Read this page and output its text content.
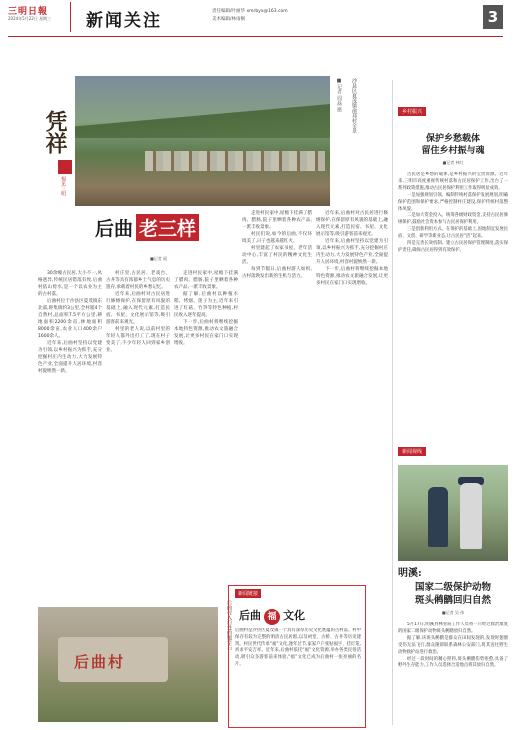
三明日報
2024年5月22日 星期三 新闻关注	责任编辑/叶丽华 xmrbyx@163.com
美术编辑/林雨桐	3
凭祥
福见三明
■记者 周磊 摄 沙县区夏茂镇俞邦村全景
后曲 老三样
■记者 丽

30余幢古民居,大小不一,风格迥异,传统民居错落有致,后曲村依山傍水,是一个以农业为主的古村落。

后曲村位于沙县区夏茂镇东北部,距集镇约3公里,全村辖4个自然村,总面积7.5平方公里,耕地面积2200余亩,林地面积8000余亩,农业人口400余户1600余人。

近年来,后曲村坚持以党建为引领,以乡村振兴为抓手,充分挖掘村庄内生动力,大力发展特色产业,全面提升人居环境,村容村貌焕然一新。

村庄里,古民居、老戏台、古井等具有浓郁乡土气息的历史遗存,承载着村民的乡愁记忆。

近年来,后曲村对古民居进行修缮保护,在保留原有风貌的基础上,融入现代元素,打造民宿、书屋、文化展示馆等,吸引游客前来观光。

村里的老人说,以前村里的年轻人都外出打工了,现在村子变美了,不少年轻人回到家乡创业。

走进村民家中,屋檐下挂满了腊肉、腊肠,院子里晒着各种农产品,一派丰收景象。

据了解,后曲村以种植水稻、烤烟、莲子为主,近年来引进了红菇、竹笋等特色种植,村民收入逐年提高。

下一步,后曲村将继续挖掘本地特色资源,推动农文旅融合发展,让更多村民在家门口实现增收。

走进村民家中,屋檐下挂满了腊肉、腊肠,院子里晒着各种农产品,一派丰收景象。

村民们说,如今的后曲,不仅环境美了,日子也越来越红火。

村里建起了农家书屋、老年活动中心,丰富了村民的精神文化生活。

每到节假日,后曲村游人如织,古村落焕发出新的生机与活力。

近年来,后曲村对古民居进行修缮保护,在保留原有风貌的基础上,融入现代元素,打造民宿、书屋、文化展示馆等,吸引游客前来观光。

近年来,后曲村坚持以党建为引领,以乡村振兴为抓手,充分挖掘村庄内生动力,大力发展特色产业,全面提升人居环境,村容村貌焕然一新。

下一步,后曲村将继续挖掘本地特色资源,推动农文旅融合发展,让更多村民在家门口实现增收。

后曲村
后曲村入口处的题字石
新闻链接
后曲 福 文化
后曲村是沙县区夏茂镇一个具有深厚历史文化底蕴的古村落。村中保存有较为完整的明清古民居群,以及祠堂、古桥、古井等历史建筑。村民世代传承“福”文化,逢年过节,家家户户张贴福字、挂灯笼,祈求平安吉祥。近年来,后曲村依托“福”文化资源,举办各类民俗活动,吸引众多游客前来体验,“福”文化已成为后曲村一张亮丽的名片。
乡村振兴
保护乡愁载体
留住乡村振与魂
■记者 林红

古民居是乡愁的载体,是乡村振兴的宝贵资源。近年来,三明市高度重视传统村落和古民居保护工作,出台了一系列政策措施,推动古民居保护利用工作取得明显成效。

一是加强规划引领。编制传统村落保护发展规划,明确保护范围和保护要求,严格控制村庄建设,保护传统村落整体风貌。

二是加大资金投入。统筹各级财政资金,支持古民居修缮保护,鼓励社会资本参与古民居保护利用。

三是创新利用方式。在保护的基础上,因地制宜发展民宿、文创、研学等新业态,让古民居“活”起来。

四是完善长效机制。建立古民居保护管理制度,落实保护责任,确保古民居得到有效保护。

新闻视线
明溪:
国家二级保护动物
斑头鸺鹠回归自然
■记者 吴 伟

5月17日,明溪县林业局工作人员将一只经过救治康复的国家二级保护动物斑头鸺鹠放归自然。

据了解,该斑头鸺鹠是群众在田间发现的,发现时翅膀受伤无法飞行,群众随即联系森林公安部门,将其送往野生动物救护站进行救治。

经过一段时间的精心照料,斑头鸺鹠伤势痊愈,具备了野外生存能力,工作人员选择合适地点将其放归自然。
